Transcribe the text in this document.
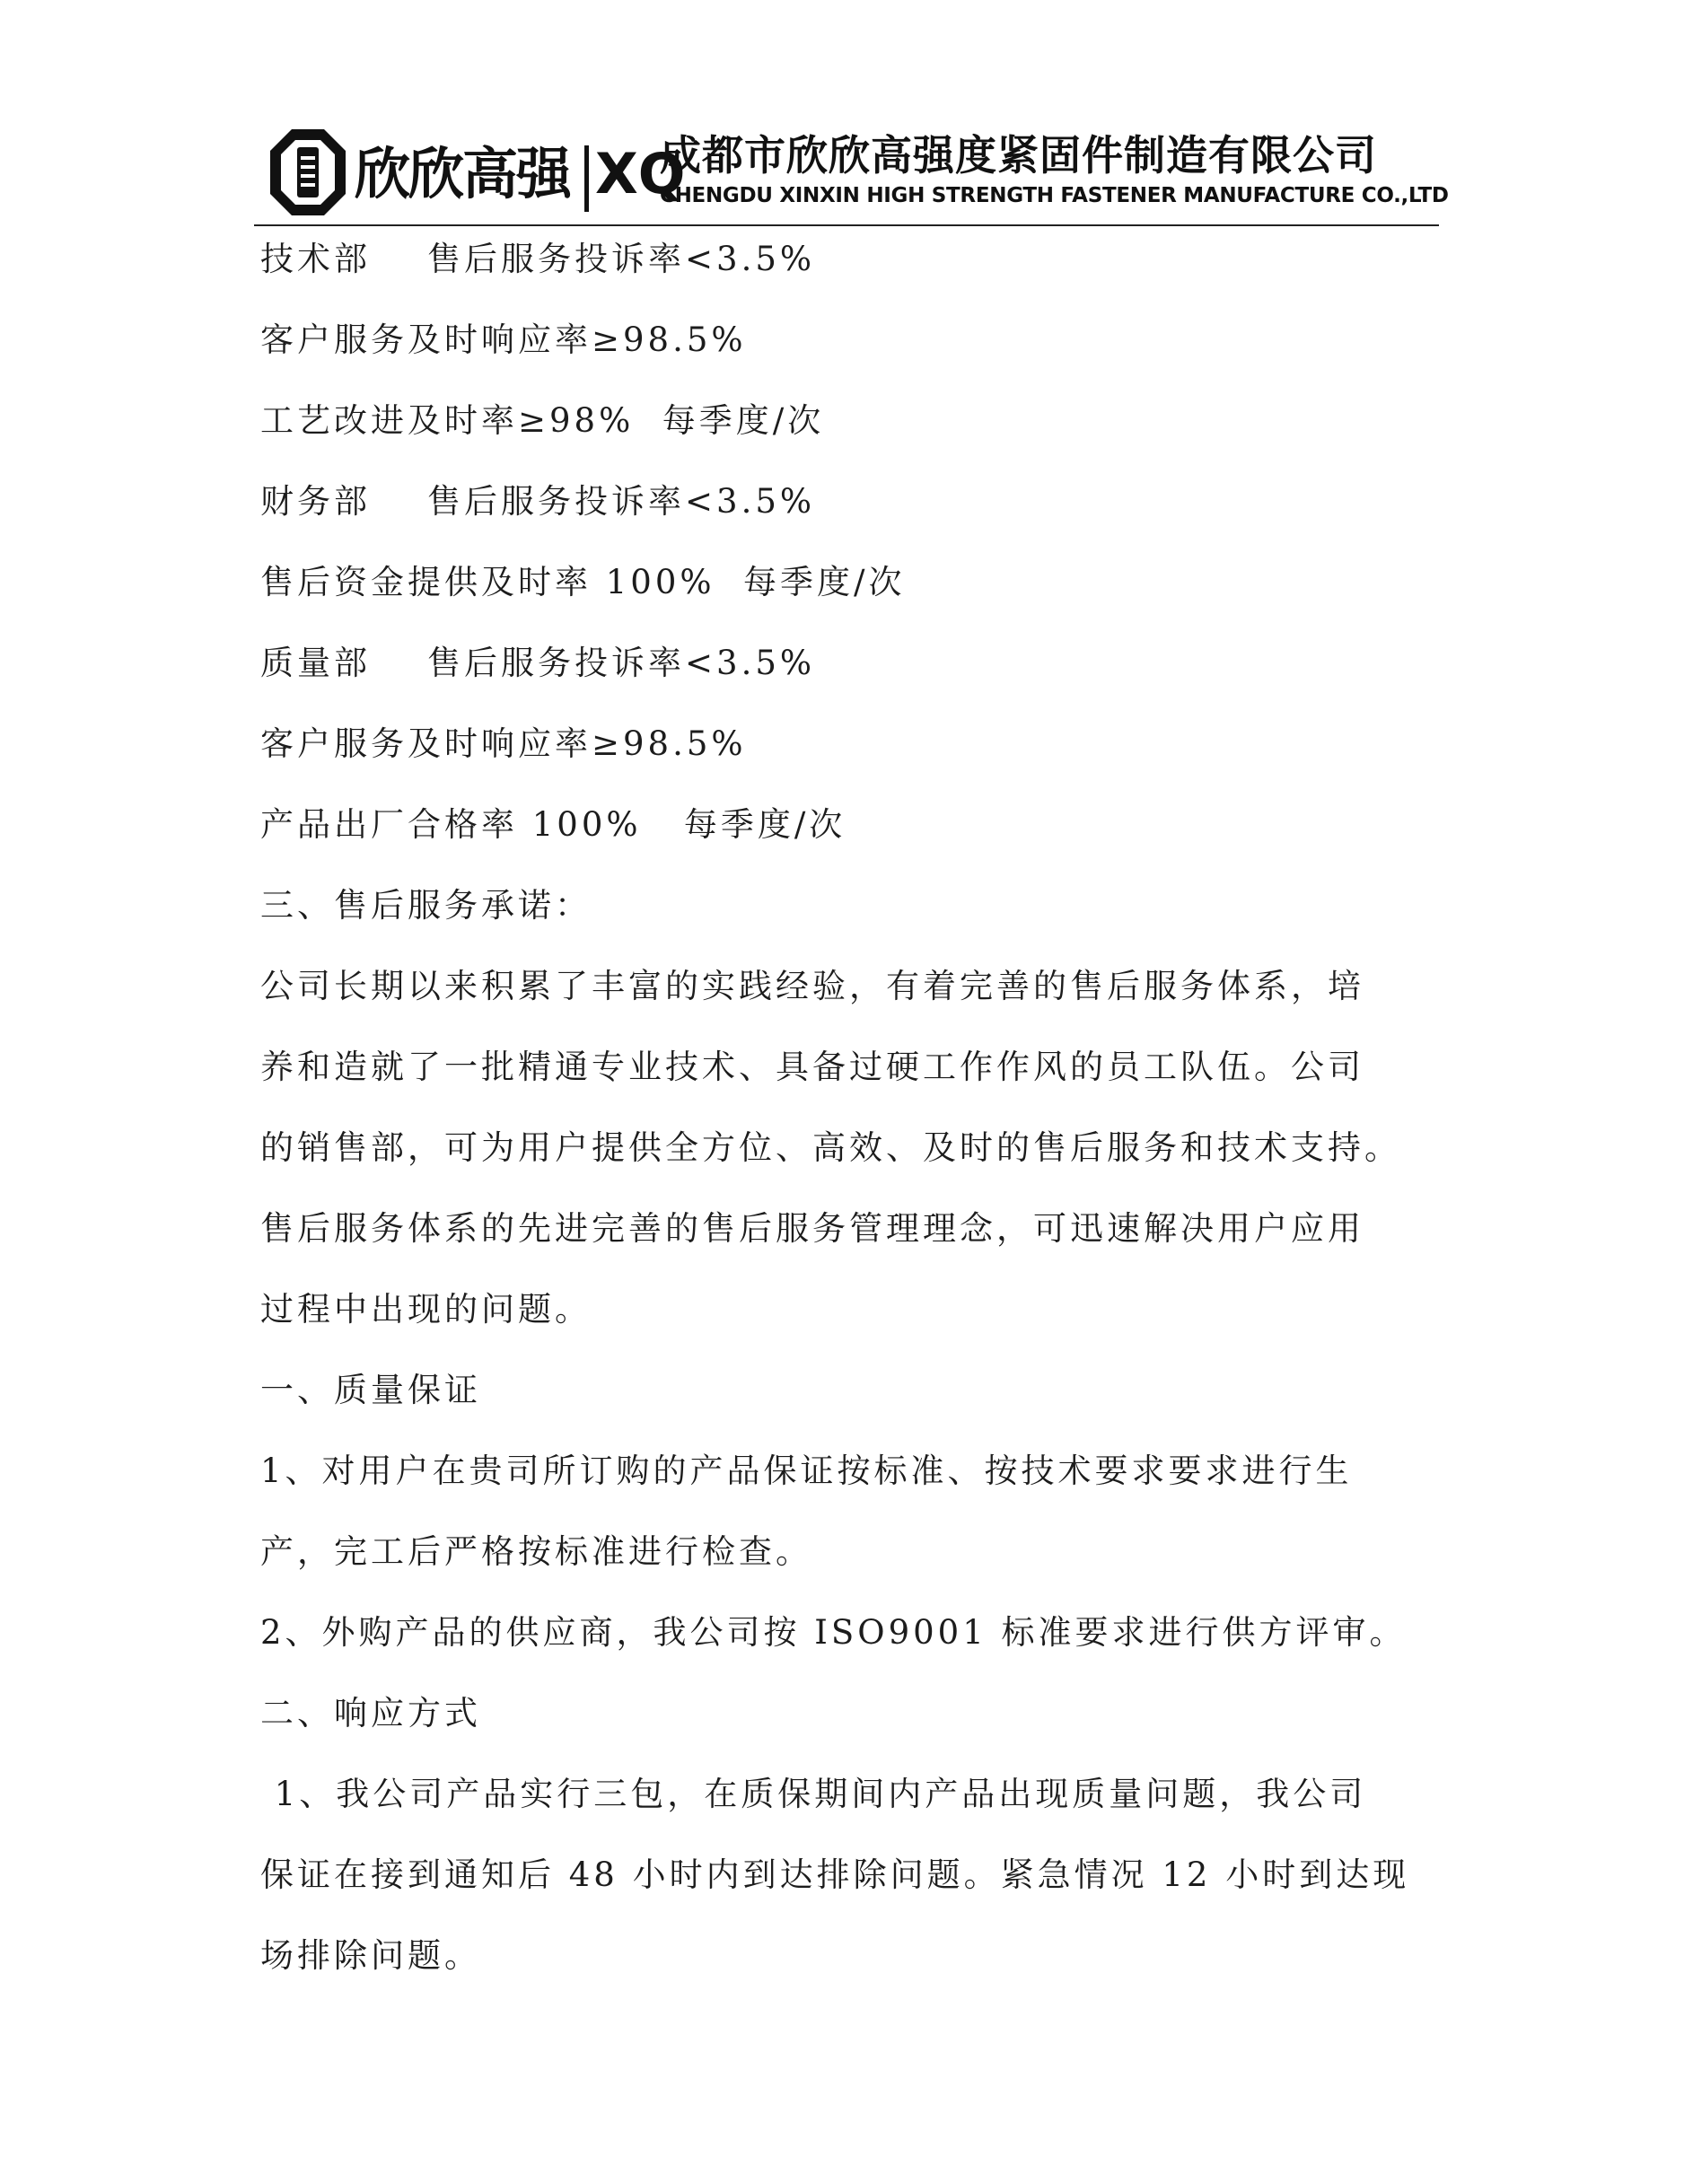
欣欣高强 XQ
成都市欣欣高强度紧固件制造有限公司
CHENGDU XINXIN HIGH STRENGTH FASTENER MANUFACTURE CO.,LTD

技术部    售后服务投诉率<3.5%

客户服务及时响应率≥98.5%

工艺改进及时率≥98%  每季度/次

财务部    售后服务投诉率<3.5%

售后资金提供及时率 100%  每季度/次

质量部    售后服务投诉率<3.5%

客户服务及时响应率≥98.5%

产品出厂合格率 100%   每季度/次

三、售后服务承诺：

公司长期以来积累了丰富的实践经验，有着完善的售后服务体系，培

养和造就了一批精通专业技术、具备过硬工作作风的员工队伍。公司

的销售部，可为用户提供全方位、高效、及时的售后服务和技术支持。

售后服务体系的先进完善的售后服务管理理念，可迅速解决用户应用

过程中出现的问题。

一、质量保证

1、对用户在贵司所订购的产品保证按标准、按技术要求要求进行生

产，完工后严格按标准进行检查。

2、外购产品的供应商，我公司按 ISO9001 标准要求进行供方评审。

二、响应方式

1、我公司产品实行三包，在质保期间内产品出现质量问题，我公司

保证在接到通知后 48 小时内到达排除问题。紧急情况 12 小时到达现

场排除问题。
